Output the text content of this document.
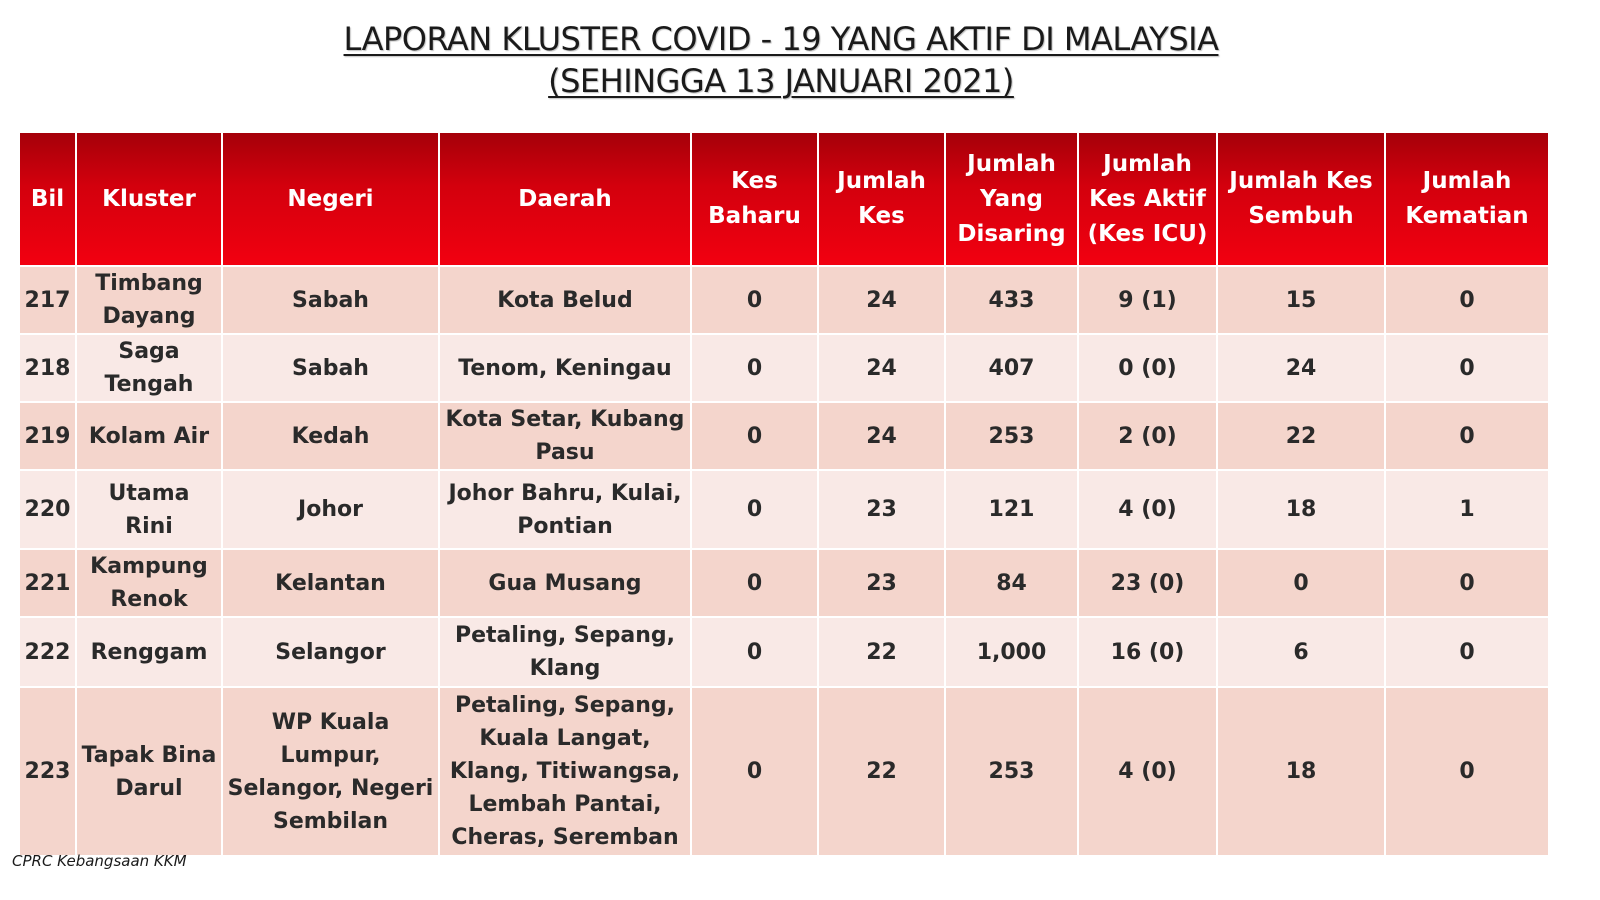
LAPORAN KLUSTER COVID - 19 YANG AKTIF DI MALAYSIA
(SEHINGGA 13 JANUARI 2021)
Bil	Kluster	Negeri	Daerah	Kes Baharu	Jumlah Kes	Jumlah Yang Disaring	Jumlah Kes Aktif (Kes ICU)	Jumlah Kes Sembuh	Jumlah Kematian
217	Timbang Dayang	Sabah	Kota Belud	0	24	433	9 (1)	15	0
218	Saga Tengah	Sabah	Tenom, Keningau	0	24	407	0 (0)	24	0
219	Kolam Air	Kedah	Kota Setar, Kubang Pasu	0	24	253	2 (0)	22	0
220	Utama Rini	Johor	Johor Bahru, Kulai, Pontian	0	23	121	4 (0)	18	1
221	Kampung Renok	Kelantan	Gua Musang	0	23	84	23 (0)	0	0
222	Renggam	Selangor	Petaling, Sepang, Klang	0	22	1,000	16 (0)	6	0
223	Tapak Bina Darul	WP Kuala Lumpur, Selangor, Negeri Sembilan	Petaling, Sepang, Kuala Langat, Klang, Titiwangsa, Lembah Pantai, Cheras, Seremban	0	22	253	4 (0)	18	0
CPRC Kebangsaan KKM
